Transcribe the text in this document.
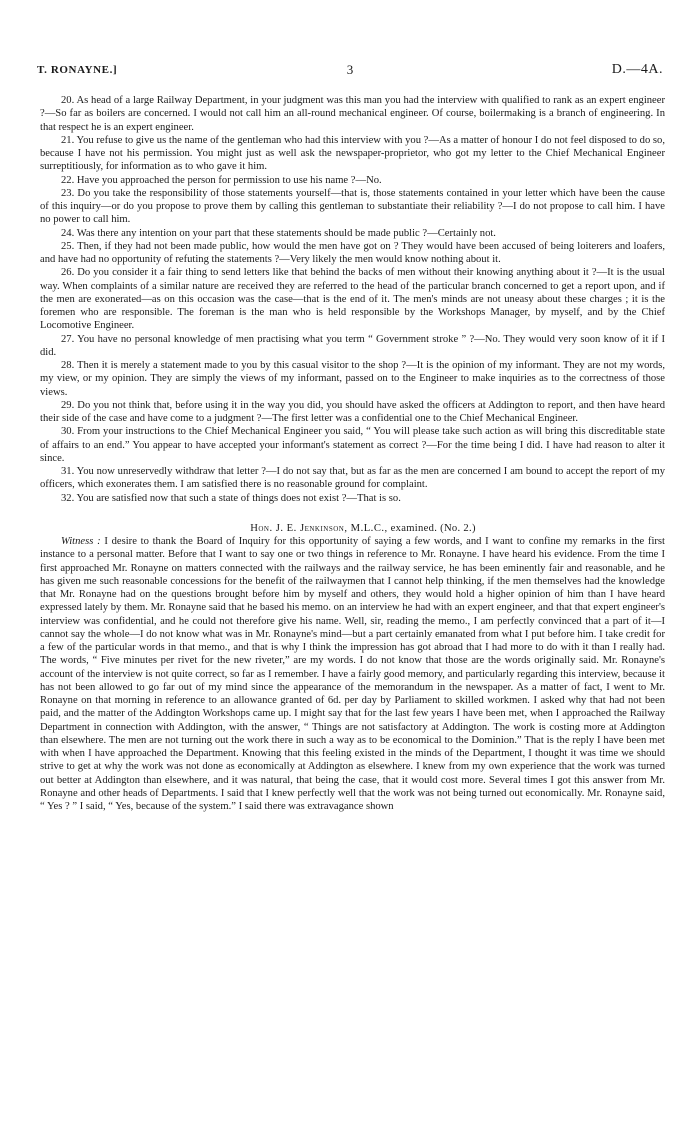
T. RONAYNE.]	3	D.—4A.

20. As head of a large Railway Department, in your judgment was this man you had the interview with qualified to rank as an expert engineer ?—So far as boilers are concerned. I would not call him an all-round mechanical engineer. Of course, boilermaking is a branch of engineering. In that respect he is an expert engineer.

21. You refuse to give us the name of the gentleman who had this interview with you ?—As a matter of honour I do not feel disposed to do so, because I have not his permission. You might just as well ask the newspaper-proprietor, who got my letter to the Chief Mechanical Engineer surreptitiously, for information as to who gave it him.

22. Have you approached the person for permission to use his name ?—No.

23. Do you take the responsibility of those statements yourself—that is, those statements contained in your letter which have been the cause of this inquiry—or do you propose to prove them by calling this gentleman to substantiate their reliability ?—I do not propose to call him. I have no power to call him.

24. Was there any intention on your part that these statements should be made public ?—Certainly not.

25. Then, if they had not been made public, how would the men have got on ? They would have been accused of being loiterers and loafers, and have had no opportunity of refuting the statements ?—Very likely the men would know nothing about it.

26. Do you consider it a fair thing to send letters like that behind the backs of men without their knowing anything about it ?—It is the usual way. When complaints of a similar nature are received they are referred to the head of the particular branch concerned to get a report upon, and if the men are exonerated—as on this occasion was the case—that is the end of it. The men's minds are not uneasy about these charges ; it is the foremen who are responsible. The foreman is the man who is held responsible by the Workshops Manager, by myself, and by the Chief Locomotive Engineer.

27. You have no personal knowledge of men practising what you term “ Government stroke ” ?—No. They would very soon know of it if I did.

28. Then it is merely a statement made to you by this casual visitor to the shop ?—It is the opinion of my informant. They are not my words, my view, or my opinion. They are simply the views of my informant, passed on to the Engineer to make inquiries as to the correctness of those views.

29. Do you not think that, before using it in the way you did, you should have asked the officers at Addington to report, and then have heard their side of the case and have come to a judgment ?—The first letter was a confidential one to the Chief Mechanical Engineer.

30. From your instructions to the Chief Mechanical Engineer you said, “ You will please take such action as will bring this discreditable state of affairs to an end.” You appear to have accepted your informant's statement as correct ?—For the time being I did. I have had reason to alter it since.

31. You now unreservedly withdraw that letter ?—I do not say that, but as far as the men are concerned I am bound to accept the report of my officers, which exonerates them. I am satisfied there is no reasonable ground for complaint.

32. You are satisfied now that such a state of things does not exist ?—That is so.

Hon. J. E. Jenkinson, M.L.C., examined. (No. 2.)

Witness : I desire to thank the Board of Inquiry for this opportunity of saying a few words, and I want to confine my remarks in the first instance to a personal matter. Before that I want to say one or two things in reference to Mr. Ronayne. I have heard his evidence. From the time I first approached Mr. Ronayne on matters connected with the railways and the railway service, he has been eminently fair and reasonable, and he has given me such reasonable concessions for the benefit of the railwaymen that I cannot help thinking, if the men themselves had the knowledge that Mr. Ronayne had on the questions brought before him by myself and others, they would hold a higher opinion of him than I have heard expressed lately by them. Mr. Ronayne said that he based his memo. on an interview he had with an expert engineer, and that that expert engineer's interview was confidential, and he could not therefore give his name. Well, sir, reading the memo., I am perfectly convinced that a part of it—I cannot say the whole—I do not know what was in Mr. Ronayne's mind—but a part certainly emanated from what I put before him. I take credit for a few of the particular words in that memo., and that is why I think the impression has got abroad that I had more to do with it than I really had. The words, “ Five minutes per rivet for the new riveter,” are my words. I do not know that those are the words originally said. Mr. Ronayne's account of the interview is not quite correct, so far as I remember. I have a fairly good memory, and particularly regarding this interview, because it has not been allowed to go far out of my mind since the appearance of the memorandum in the newspaper. As a matter of fact, I went to Mr. Ronayne on that morning in reference to an allowance granted of 6d. per day by Parliament to skilled workmen. I asked why that had not been paid, and the matter of the Addington Workshops came up. I might say that for the last few years I have been met, when I approached the Railway Department in connection with Addington, with the answer, “ Things are not satisfactory at Addington. The work is costing more at Addington than elsewhere. The men are not turning out the work there in such a way as to be economical to the Dominion.” That is the reply I have been met with when I have approached the Department. Knowing that this feeling existed in the minds of the Department, I thought it was time we should strive to get at why the work was not done as economically at Addington as elsewhere. I knew from my own experience that the work was turned out better at Addington than elsewhere, and it was natural, that being the case, that it would cost more. Several times I got this answer from Mr. Ronayne and other heads of Departments. I said that I knew perfectly well that the work was not being turned out economically. Mr. Ronayne said, “ Yes ? ” I said, “ Yes, because of the system.” I said there was extravagance shown
